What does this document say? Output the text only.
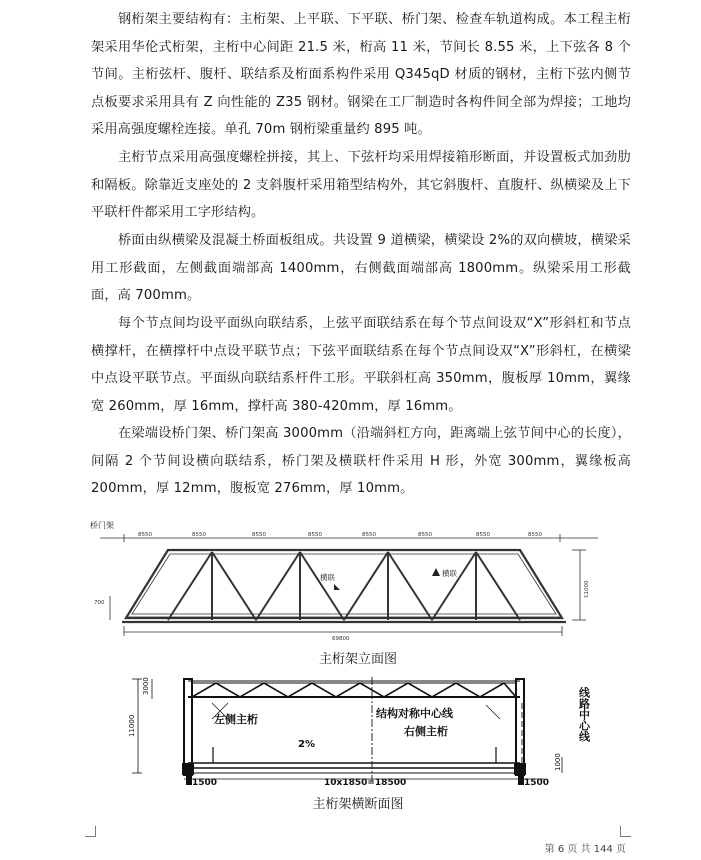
钢桁架主要结构有：主桁架、上平联、下平联、桥门架、检查车轨道构成。本工程主桁架采用华伦式桁架，主桁中心间距 21.5 米，桁高 11 米，节间长 8.55 米，上下弦各 8 个节间。主桁弦杆、腹杆、联结系及桁面系构件采用 Q345qD 材质的钢材，主桁下弦内侧节点板要求采用具有 Z 向性能的 Z35 钢材。钢梁在工厂制造时各构件间全部为焊接；工地均采用高强度螺栓连接。单孔 70m 钢桁梁重量约 895 吨。

主桁节点采用高强度螺栓拼接，其上、下弦杆均采用焊接箱形断面，并设置板式加劲肋和隔板。除靠近支座处的 2 支斜腹杆采用箱型结构外，其它斜腹杆、直腹杆、纵横梁及上下平联杆件都采用工字形结构。

桥面由纵横梁及混凝土桥面板组成。共设置 9 道横梁，横梁设 2%的双向横坡，横梁采用工形截面，左侧截面端部高 1400mm，右侧截面端部高 1800mm。纵梁采用工形截面，高 700mm。

每个节点间均设平面纵向联结系，上弦平面联结系在每个节点间设双“X”形斜杠和节点横撑杆，在横撑杆中点设平联节点；下弦平面联结系在每个节点间设双“X”形斜杠，在横梁中点设平联节点。平面纵向联结系杆件工形。平联斜杠高 350mm，腹板厚 10mm，翼缘宽 260mm，厚 16mm，撑杆高 380-420mm，厚 16mm。

在梁端设桥门架、桥门架高 3000mm（沿端斜杠方向，距离端上弦节间中心的长度），间隔 2 个节间设横向联结系，桥门架及横联杆件采用 H 形，外宽 300mm，翼缘板高 200mm，厚 12mm，腹板宽 276mm，厚 10mm。

桥门架
8550	8550	8550	8550	8550	8550	8550	8550
69800
700
11000
横联	横联
主桁架立面图
左侧主桁	结构对称中心线
右侧主桁
2%
线路中心线
3000
11000
1500	10x1850=18500	1500
1000
主桁架横断面图
第 6 页 共 144 页
